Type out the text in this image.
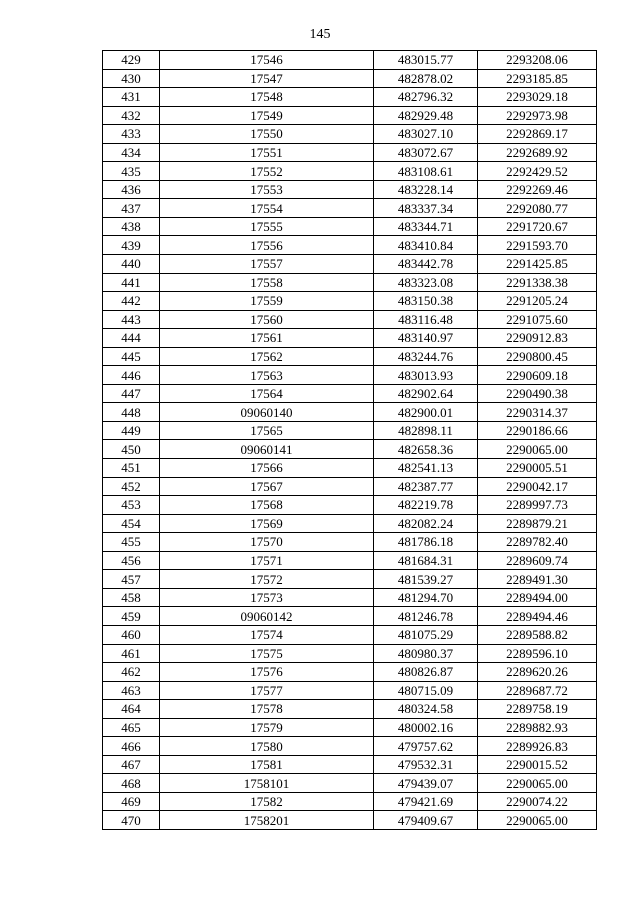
145
429	17546	483015.77	2293208.06
430	17547	482878.02	2293185.85
431	17548	482796.32	2293029.18
432	17549	482929.48	2292973.98
433	17550	483027.10	2292869.17
434	17551	483072.67	2292689.92
435	17552	483108.61	2292429.52
436	17553	483228.14	2292269.46
437	17554	483337.34	2292080.77
438	17555	483344.71	2291720.67
439	17556	483410.84	2291593.70
440	17557	483442.78	2291425.85
441	17558	483323.08	2291338.38
442	17559	483150.38	2291205.24
443	17560	483116.48	2291075.60
444	17561	483140.97	2290912.83
445	17562	483244.76	2290800.45
446	17563	483013.93	2290609.18
447	17564	482902.64	2290490.38
448	09060140	482900.01	2290314.37
449	17565	482898.11	2290186.66
450	09060141	482658.36	2290065.00
451	17566	482541.13	2290005.51
452	17567	482387.77	2290042.17
453	17568	482219.78	2289997.73
454	17569	482082.24	2289879.21
455	17570	481786.18	2289782.40
456	17571	481684.31	2289609.74
457	17572	481539.27	2289491.30
458	17573	481294.70	2289494.00
459	09060142	481246.78	2289494.46
460	17574	481075.29	2289588.82
461	17575	480980.37	2289596.10
462	17576	480826.87	2289620.26
463	17577	480715.09	2289687.72
464	17578	480324.58	2289758.19
465	17579	480002.16	2289882.93
466	17580	479757.62	2289926.83
467	17581	479532.31	2290015.52
468	1758101	479439.07	2290065.00
469	17582	479421.69	2290074.22
470	1758201	479409.67	2290065.00
